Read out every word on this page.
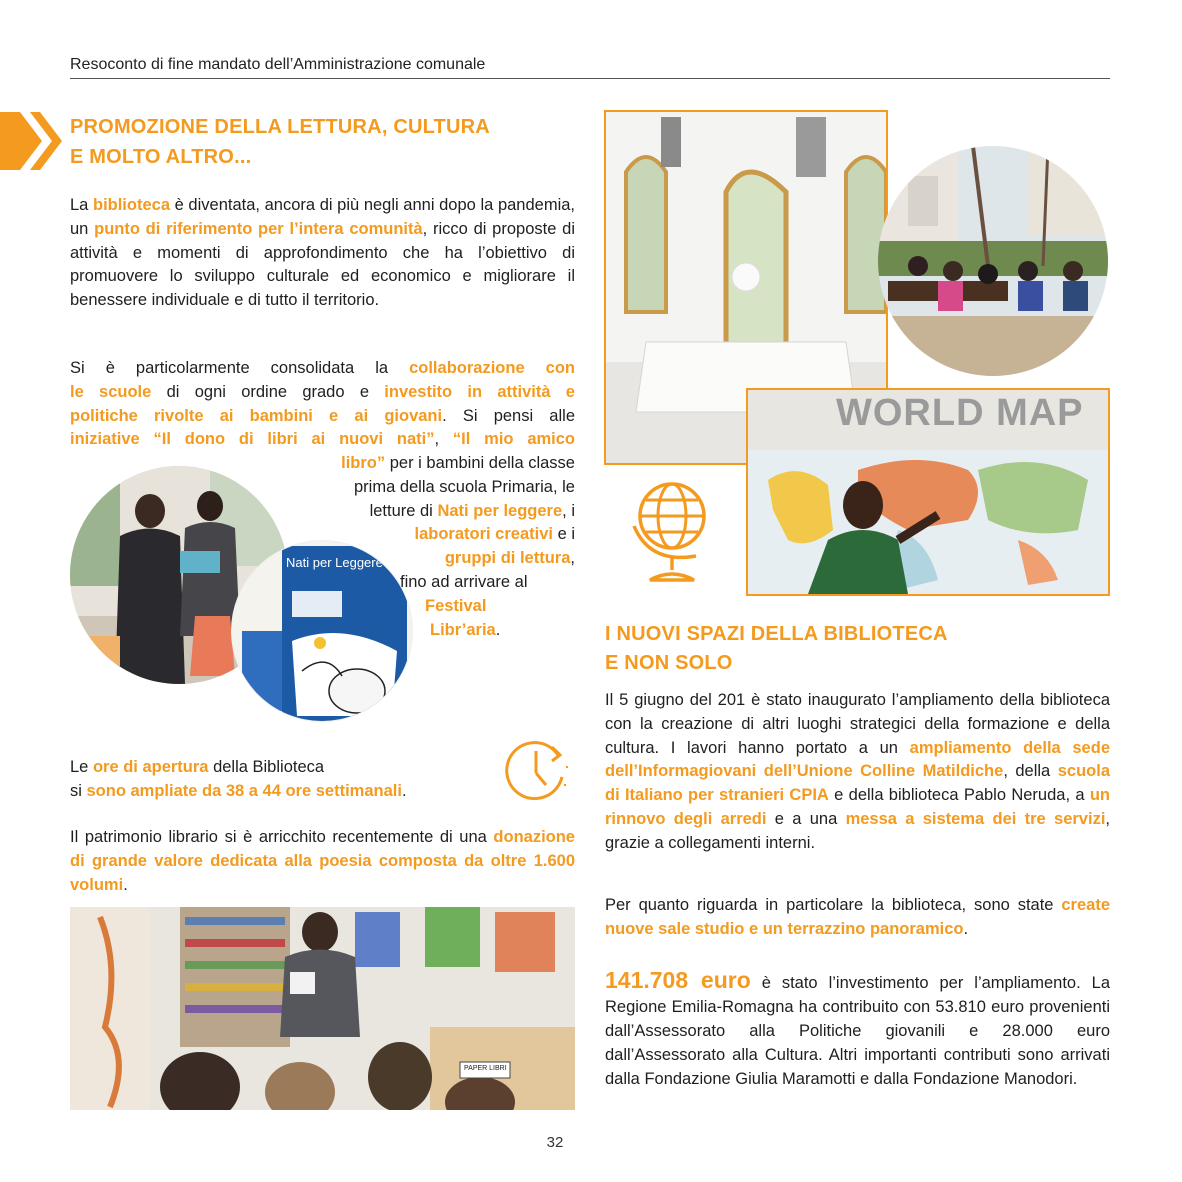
Resoconto di fine mandato dell’Amministrazione comunale
PROMOZIONE DELLA LETTURA, CULTURA
E MOLTO ALTRO...
La biblioteca è diventata, ancora di più negli anni dopo la pandemia, un punto di riferimento per l’intera comunità, ricco di proposte di attività e momenti di approfondimento che ha l’obiettivo di promuovere lo sviluppo culturale ed economico e migliorare il benessere individuale e di tutto il territorio.
Si è particolarmente consolidata la collaborazione con
le scuole di ogni ordine grado e investito in attività e
politiche rivolte ai bambini e ai giovani. Si pensi alle
iniziative “Il dono di libri ai nuovi nati”, “Il mio amico
libro” per i bambini della classe
prima della scuola Primaria, le
letture di Nati per leggere, i
laboratori creativi e i
gruppi di lettura,
fino ad arrivare al
Festival
Libr’aria.
Nati per Leggere
Le ore di apertura della Biblioteca
si sono ampliate da 38 a 44 ore settimanali.
Il patrimonio librario si è arricchito recentemente di una donazione di grande valore dedicata alla poesia composta da oltre 1.600 volumi.
PAPER LIBRI
WORLD MAP
I NUOVI SPAZI DELLA BIBLIOTECA
E NON SOLO
Il 5 giugno del 201 è stato inaugurato l’ampliamento della biblioteca con la creazione di altri luoghi strategici della formazione e della cultura. I lavori hanno portato a un ampliamento della sede dell’Informagiovani dell’Unione Colline Matildiche, della scuola di Italiano per stranieri CPIA e della biblioteca Pablo Neruda, a un rinnovo degli arredi e a una messa a sistema dei tre servizi, grazie a collegamenti interni.
Per quanto riguarda in particolare la biblioteca, sono state create nuove sale studio e un terrazzino panoramico.
141.708 euro è stato l’investimento per l’ampliamento. La Regione Emilia-Romagna ha contribuito con 53.810 euro provenienti dall’Assessorato alla Politiche giovanili e 28.000 euro dall’Assessorato alla Cultura. Altri importanti contributi sono arrivati dalla Fondazione Giulia Maramotti e dalla Fondazione Manodori.
32
